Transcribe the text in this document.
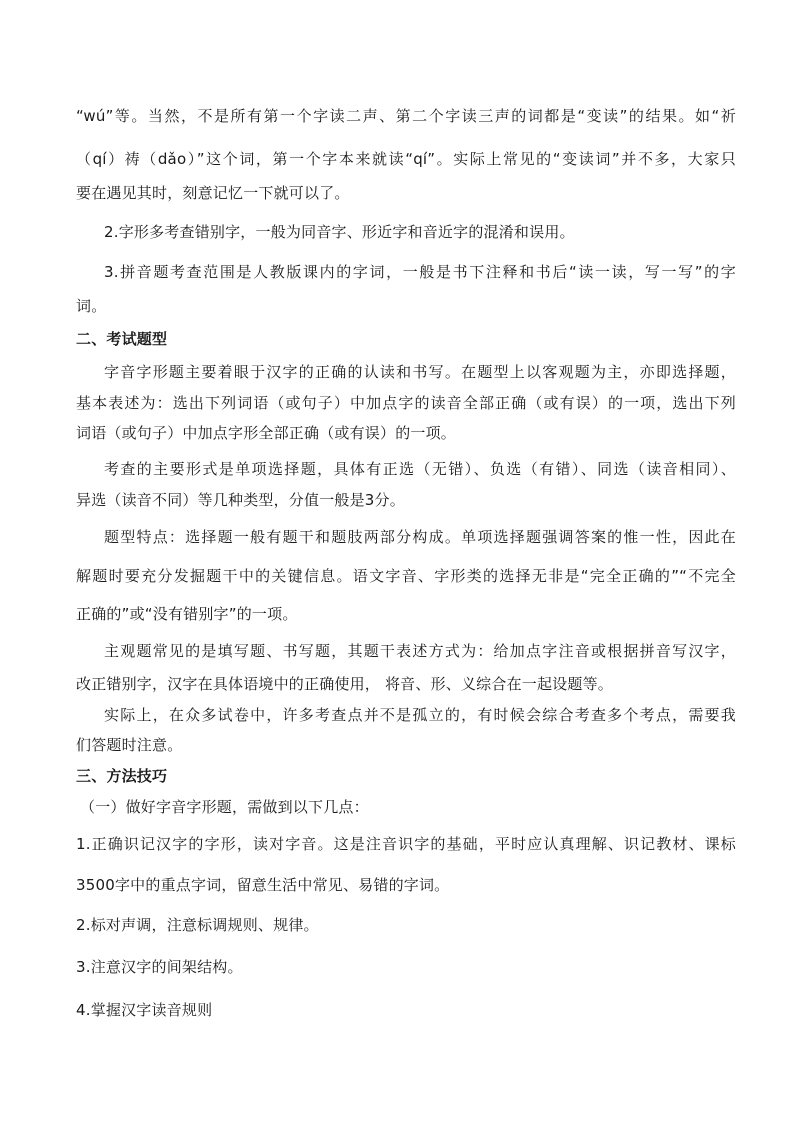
“wú”等。当然，不是所有第一个字读二声、第二个字读三声的词都是“变读”的结果。如“祈
（qí）祷（dǎo）”这个词，第一个字本来就读“qí”。实际上常见的“变读词”并不多，大家只
要在遇见其时，刻意记忆一下就可以了。
2.字形多考查错别字，一般为同音字、形近字和音近字的混淆和误用。
3.拼音题考查范围是人教版课内的字词，一般是书下注释和书后“读一读，写一写”的字
词。
二、考试题型
字音字形题主要着眼于汉字的正确的认读和书写。在题型上以客观题为主，亦即选择题，
基本表述为：选出下列词语（或句子）中加点字的读音全部正确（或有误）的一项，选出下列
词语（或句子）中加点字形全部正确（或有误）的一项。
考查的主要形式是单项选择题，具体有正选（无错）、负选（有错）、同选（读音相同）、
异选（读音不同）等几种类型，分值一般是3分。
题型特点：选择题一般有题干和题肢两部分构成。单项选择题强调答案的惟一性，因此在
解题时要充分发掘题干中的关键信息。语文字音、字形类的选择无非是“完全正确的”“不完全
正确的”或“没有错别字”的一项。
主观题常见的是填写题、书写题，其题干表述方式为：给加点字注音或根据拼音写汉字，
改正错别字，汉字在具体语境中的正确使用， 将音、形、义综合在一起设题等。
实际上，在众多试卷中，许多考查点并不是孤立的，有时候会综合考查多个考点，需要我
们答题时注意。
三、方法技巧
（一）做好字音字形题，需做到以下几点：
1.正确识记汉字的字形，读对字音。这是注音识字的基础，平时应认真理解、识记教材、课标
3500字中的重点字词，留意生活中常见、易错的字词。
2.标对声调，注意标调规则、规律。
3.注意汉字的间架结构。
4.掌握汉字读音规则
